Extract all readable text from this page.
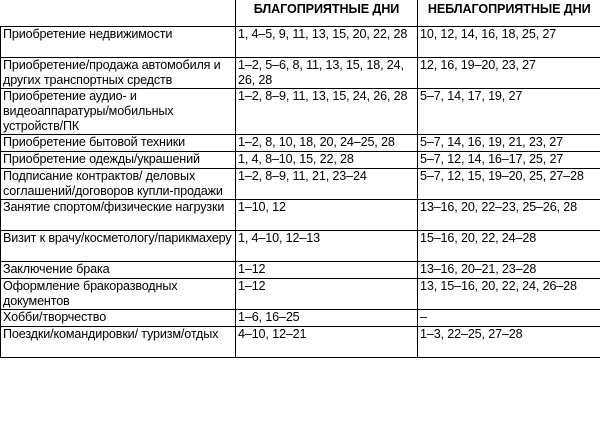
	БЛАГОПРИЯТНЫЕ ДНИ	НЕБЛАГОПРИЯТНЫЕ ДНИ
Приобретение недвижимости	1, 4–5, 9, 11, 13, 15, 20, 22, 28	10, 12, 14, 16, 18, 25, 27
Приобретение/продажа автомобиля и других транспортных средств	1–2, 5–6, 8, 11, 13, 15, 18, 24, 26, 28	12, 16, 19–20, 23, 27
Приобретение аудио- и видеоаппаратуры/мобильных устройств/ПК	1–2, 8–9, 11, 13, 15, 24, 26, 28	5–7, 14, 17, 19, 27
Приобретение бытовой техники	1–2, 8, 10, 18, 20, 24–25, 28	5–7, 14, 16, 19, 21, 23, 27
Приобретение одежды/украшений	1, 4, 8–10, 15, 22, 28	5–7, 12, 14, 16–17, 25, 27
Подписание контрактов/ деловых соглашений/договоров купли-продажи	1–2, 8–9, 11, 21, 23–24	5–7, 12, 15, 19–20, 25, 27–28
Занятие спортом/физические нагрузки	1–10, 12	13–16, 20, 22–23, 25–26, 28
Визит к врачу/косметологу/парикмахеру	1, 4–10, 12–13	15–16, 20, 22, 24–28
Заключение брака	1–12	13–16, 20–21, 23–28
Оформление бракоразводных документов	1–12	13, 15–16, 20, 22, 24, 26–28
Хобби/творчество	1–6, 16–25	–
Поездки/командировки/ туризм/отдых	4–10, 12–21	1–3, 22–25, 27–28
